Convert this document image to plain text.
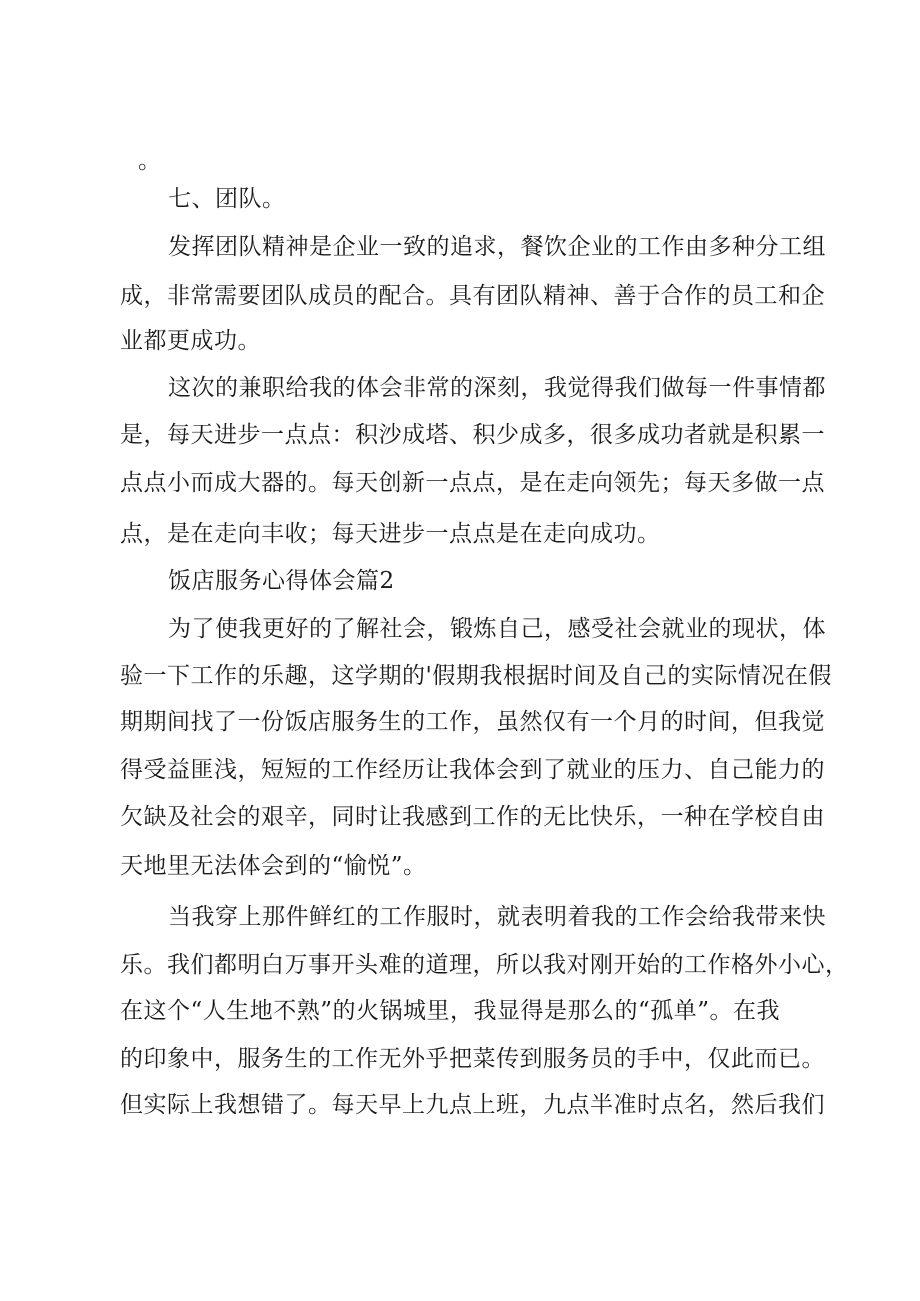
。
七、团队。
发挥团队精神是企业一致的追求，餐饮企业的工作由多种分工组
成，非常需要团队成员的配合。具有团队精神、善于合作的员工和企
业都更成功。
这次的兼职给我的体会非常的深刻，我觉得我们做每一件事情都
是，每天进步一点点：积沙成塔、积少成多，很多成功者就是积累一
点点小而成大器的。每天创新一点点，是在走向领先；每天多做一点
点，是在走向丰收；每天进步一点点是在走向成功。
饭店服务心得体会篇2
为了使我更好的了解社会，锻炼自己，感受社会就业的现状，体
验一下工作的乐趣，这学期的'假期我根据时间及自己的实际情况在假
期期间找了一份饭店服务生的工作，虽然仅有一个月的时间，但我觉
得受益匪浅，短短的工作经历让我体会到了就业的压力、自己能力的
欠缺及社会的艰辛，同时让我感到工作的无比快乐，一种在学校自由
天地里无法体会到的“愉悦”。
当我穿上那件鲜红的工作服时，就表明着我的工作会给我带来快
乐。我们都明白万事开头难的道理，所以我对刚开始的工作格外小心，
在这个“人生地不熟”的火锅城里，我显得是那么的“孤单”。在我
的印象中，服务生的工作无外乎把菜传到服务员的手中，仅此而已。
但实际上我想错了。每天早上九点上班，九点半准时点名，然后我们
